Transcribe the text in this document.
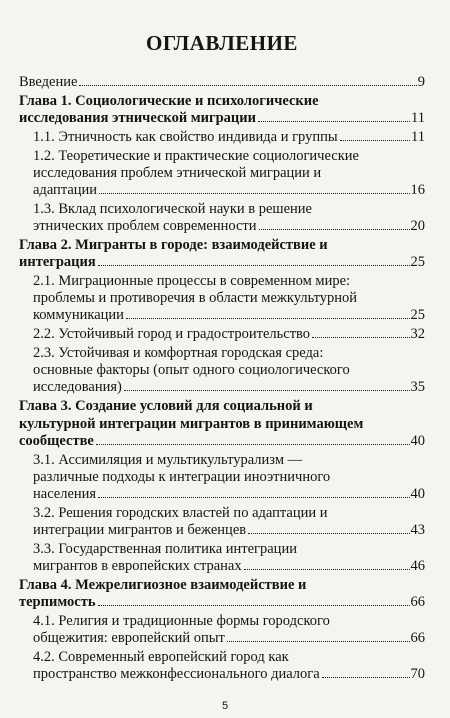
ОГЛАВЛЕНИЕ
Введение	9
Глава 1. Социологические и психологические
исследования этнической миграции	11
1.1. Этничность как свойство индивида и группы	11
1.2. Теоретические и практические социологические
исследования проблем этнической миграции и
адаптации	16
1.3. Вклад психологической науки в решение
этнических проблем современности	20
Глава 2. Мигранты в городе: взаимодействие и
интеграция	25
2.1. Миграционные процессы в современном мире:
проблемы и противоречия в области межкультурной
коммуникации	25
2.2. Устойчивый город и градостроительство	32
2.3. Устойчивая и комфортная городская среда:
основные факторы (опыт одного социологического
исследования)	35
Глава 3. Создание условий для социальной и
культурной интеграции мигрантов в принимающем
сообществе	40
3.1. Ассимиляция и мультикультурализм —
различные подходы к интеграции иноэтничного
населения	40
3.2. Решения городских властей по адаптации и
интеграции мигрантов и беженцев	43
3.3. Государственная политика интеграции
мигрантов в европейских странах	46
Глава 4. Межрелигиозное взаимодействие и
терпимость	66
4.1. Религия и традиционные формы городского
общежития: европейский опыт	66
4.2. Современный европейский город как
пространство межконфессионального диалога	70
5
